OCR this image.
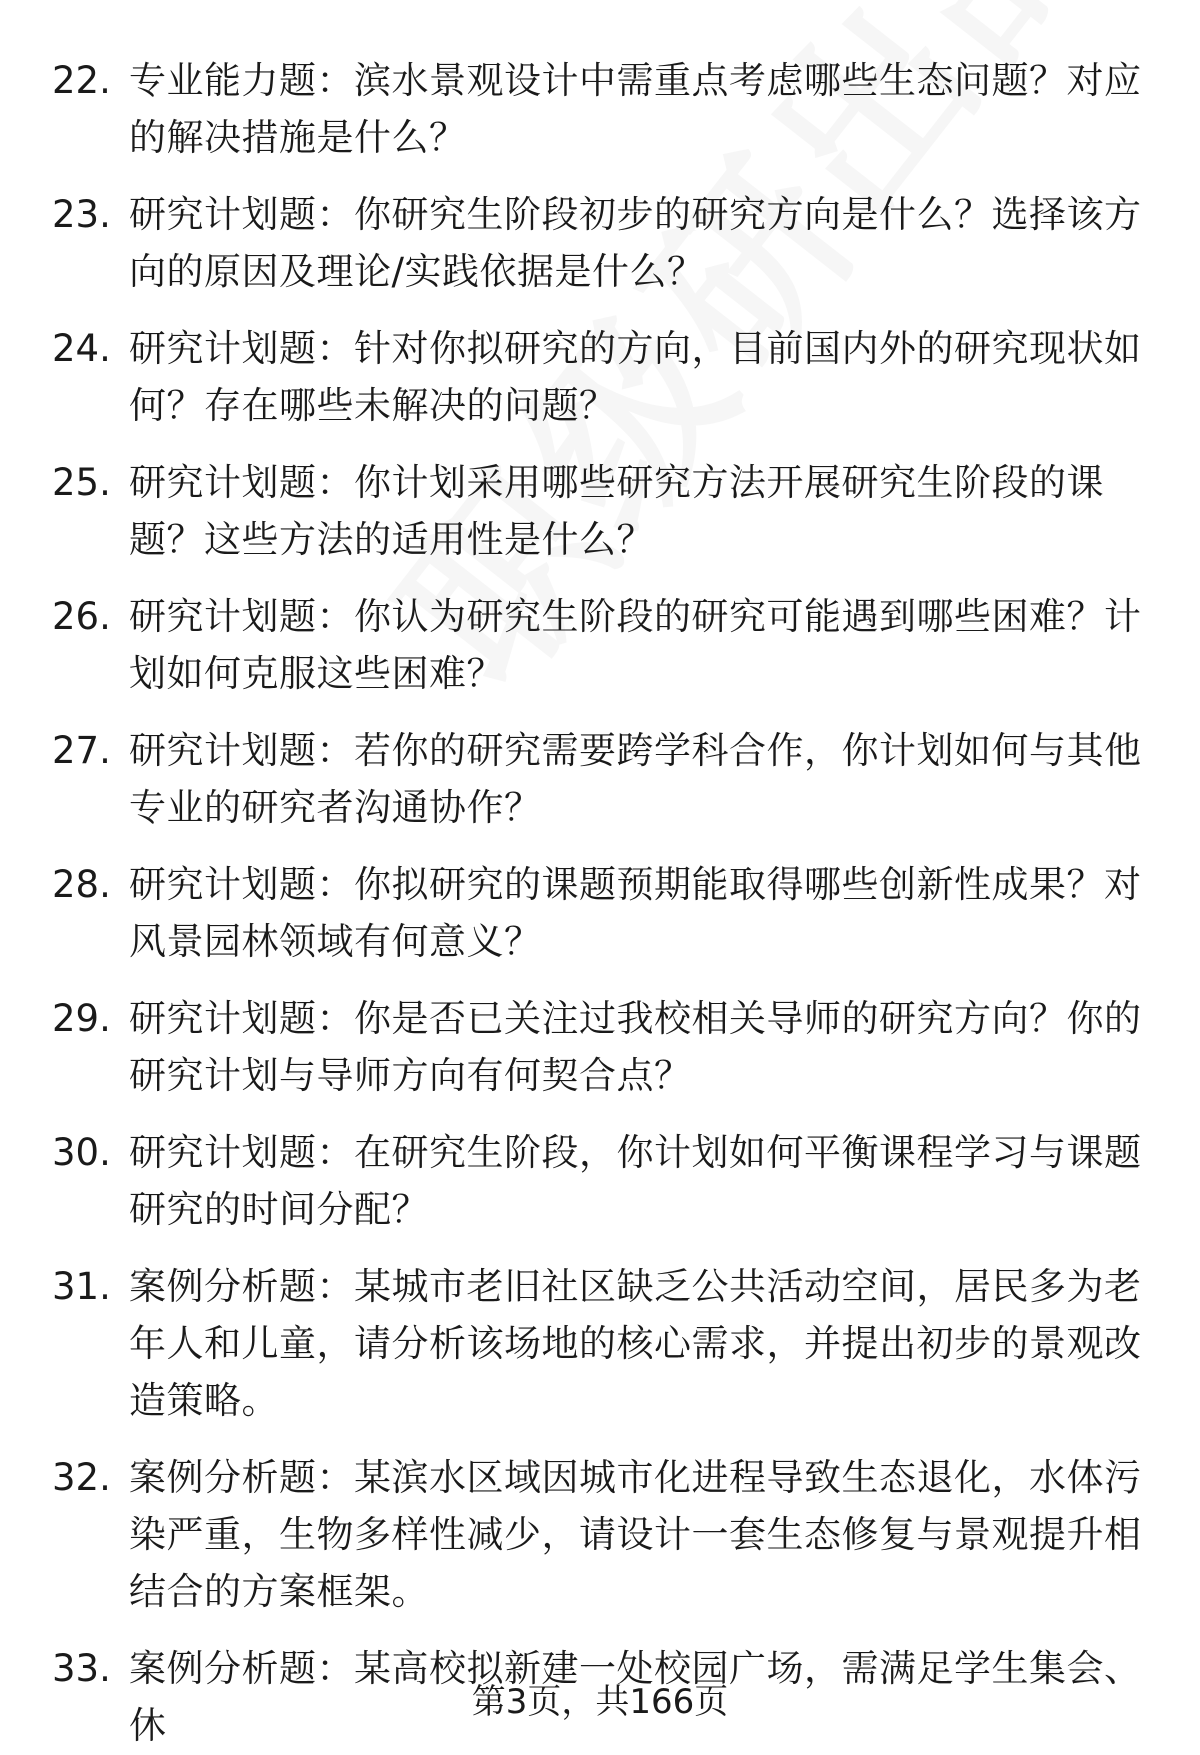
22. 专业能力题：滨水景观设计中需重点考虑哪些生态问题？对应的解决措施是什么？
23. 研究计划题：你研究生阶段初步的研究方向是什么？选择该方向的原因及理论/实践依据是什么？
24. 研究计划题：针对你拟研究的方向，目前国内外的研究现状如何？存在哪些未解决的问题？
25. 研究计划题：你计划采用哪些研究方法开展研究生阶段的课题？这些方法的适用性是什么？
26. 研究计划题：你认为研究生阶段的研究可能遇到哪些困难？计划如何克服这些困难？
27. 研究计划题：若你的研究需要跨学科合作，你计划如何与其他专业的研究者沟通协作？
28. 研究计划题：你拟研究的课题预期能取得哪些创新性成果？对风景园林领域有何意义？
29. 研究计划题：你是否已关注过我校相关导师的研究方向？你的研究计划与导师方向有何契合点？
30. 研究计划题：在研究生阶段，你计划如何平衡课程学习与课题研究的时间分配？
31. 案例分析题：某城市老旧社区缺乏公共活动空间，居民多为老年人和儿童，请分析该场地的核心需求，并提出初步的景观改造策略。
32. 案例分析题：某滨水区域因城市化进程导致生态退化，水体污染严重，生物多样性减少，请设计一套生态修复与景观提升相结合的方案框架。
33. 案例分析题：某高校拟新建一处校园广场，需满足学生集会、休
第3页，共166页
